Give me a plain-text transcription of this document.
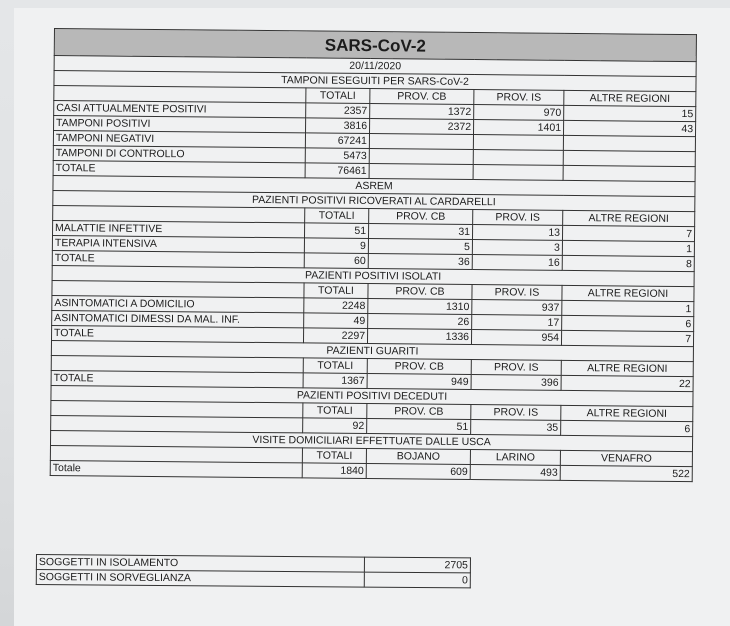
SARS-CoV-2				
20/11/2020				
TAMPONI ESEGUITI PER SARS-CoV-2				
	TOTALI	PROV. CB	PROV. IS	ALTRE REGIONI
CASI ATTUALMENTE POSITIVI	2357	1372	970	15
TAMPONI POSITIVI	3816	2372	1401	43
TAMPONI NEGATIVI	67241			
TAMPONI DI CONTROLLO	5473			
TOTALE	76461			
ASREM				
PAZIENTI POSITIVI RICOVERATI AL CARDARELLI				
	TOTALI	PROV. CB	PROV. IS	ALTRE REGIONI
MALATTIE INFETTIVE	51	31	13	7
TERAPIA INTENSIVA	9	5	3	1
TOTALE	60	36	16	8
PAZIENTI POSITIVI ISOLATI				
	TOTALI	PROV. CB	PROV. IS	ALTRE REGIONI
ASINTOMATICI A DOMICILIO	2248	1310	937	1
ASINTOMATICI DIMESSI DA MAL. INF.	49	26	17	6
TOTALE	2297	1336	954	7
PAZIENTI GUARITI				
	TOTALI	PROV. CB	PROV. IS	ALTRE REGIONI
TOTALE	1367	949	396	22
PAZIENTI POSITIVI DECEDUTI				
	TOTALI	PROV. CB	PROV. IS	ALTRE REGIONI
	92	51	35	6
VISITE DOMICILIARI EFFETTUATE DALLE USCA				
	TOTALI	BOJANO	LARINO	VENAFRO
Totale	1840	609	493	522
SOGGETTI IN ISOLAMENTO	2705
SOGGETTI IN SORVEGLIANZA	0
